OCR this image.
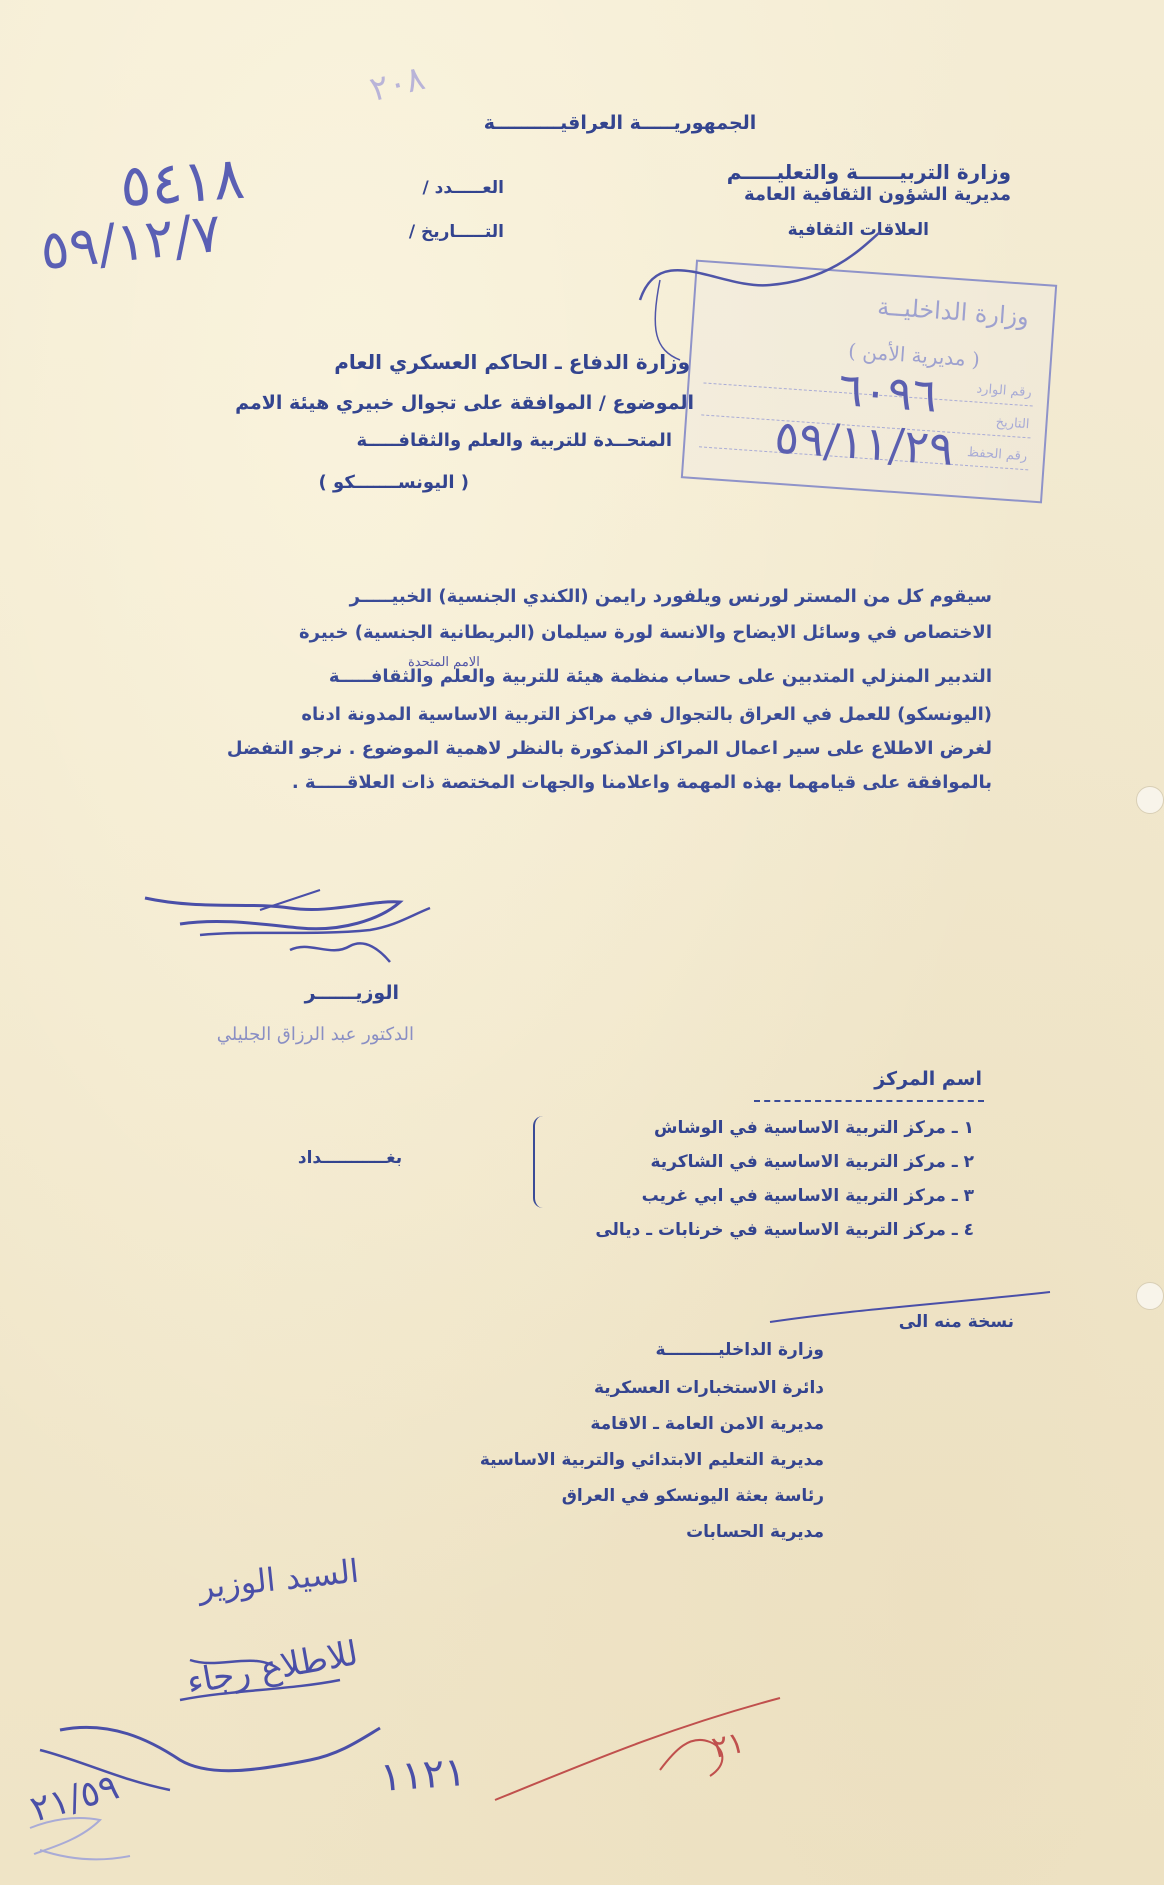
الجمهوريـــــة العراقيــــــــــة
وزارة التربيــــــة والتعليـــــم
مديرية الشؤون الثقافية العامة
العلاقات الثقافية
العـــــدد /
التـــــاريخ /
٥٤١٨
٥٩/١٢/٧
٢٠٨
وزارة الداخليــة
( مديرية الأمن )
رقم الوارد
التاريخ
رقم الحفظ
٦٠٩٦
٥٩/١١/٢٩
وزارة الدفاع ـ الحاكم العسكري العام
الموضوع / الموافقة على تجوال خبيري هيئة الامم
المتحــدة للتربية والعلم والثقافـــــة
( اليونســـــــكو )
سيقوم كل من المستر لورنس ويلفورد رايمن (الكندي الجنسية) الخبيـــــر
الاختصاص في وسائل الايضاح والانسة لورة سيلمان (البريطانية الجنسية) خبيرة
الامم المتحدة
التدبير المنزلي المتدبين على حساب منظمة هيئة للتربية والعلم والثقافـــــة
(اليونسكو) للعمل في العراق بالتجوال في مراكز التربية الاساسية المدونة ادناه
لغرض الاطلاع على سير اعمال المراكز المذكورة بالنظر لاهمية الموضوع . نرجو التفضل
بالموافقة على قيامهما بهذه المهمة واعلامنا والجهات المختصة ذات العلاقـــــة .
الوزيــــــر
الدكتور عبد الرزاق الجليلي
اسم المركز
١ ـ مركز التربية الاساسية في الوشاش
٢ ـ مركز التربية الاساسية في الشاكرية
٣ ـ مركز التربية الاساسية في ابي غريب
٤ ـ مركز التربية الاساسية في خرنابات ـ ديالى
بغـــــــــــداد
نسخة منه الى
وزارة الداخليـــــــــة
دائرة الاستخبارات العسكرية
مديرية الامن العامة ـ الاقامة
مديرية التعليم الابتدائي والتربية الاساسية
رئاسة بعثة اليونسكو في العراق
مديرية الحسابات
السيد الوزير
للاطلاع رجاء
١١٢١
٢١/٥٩
٢١
